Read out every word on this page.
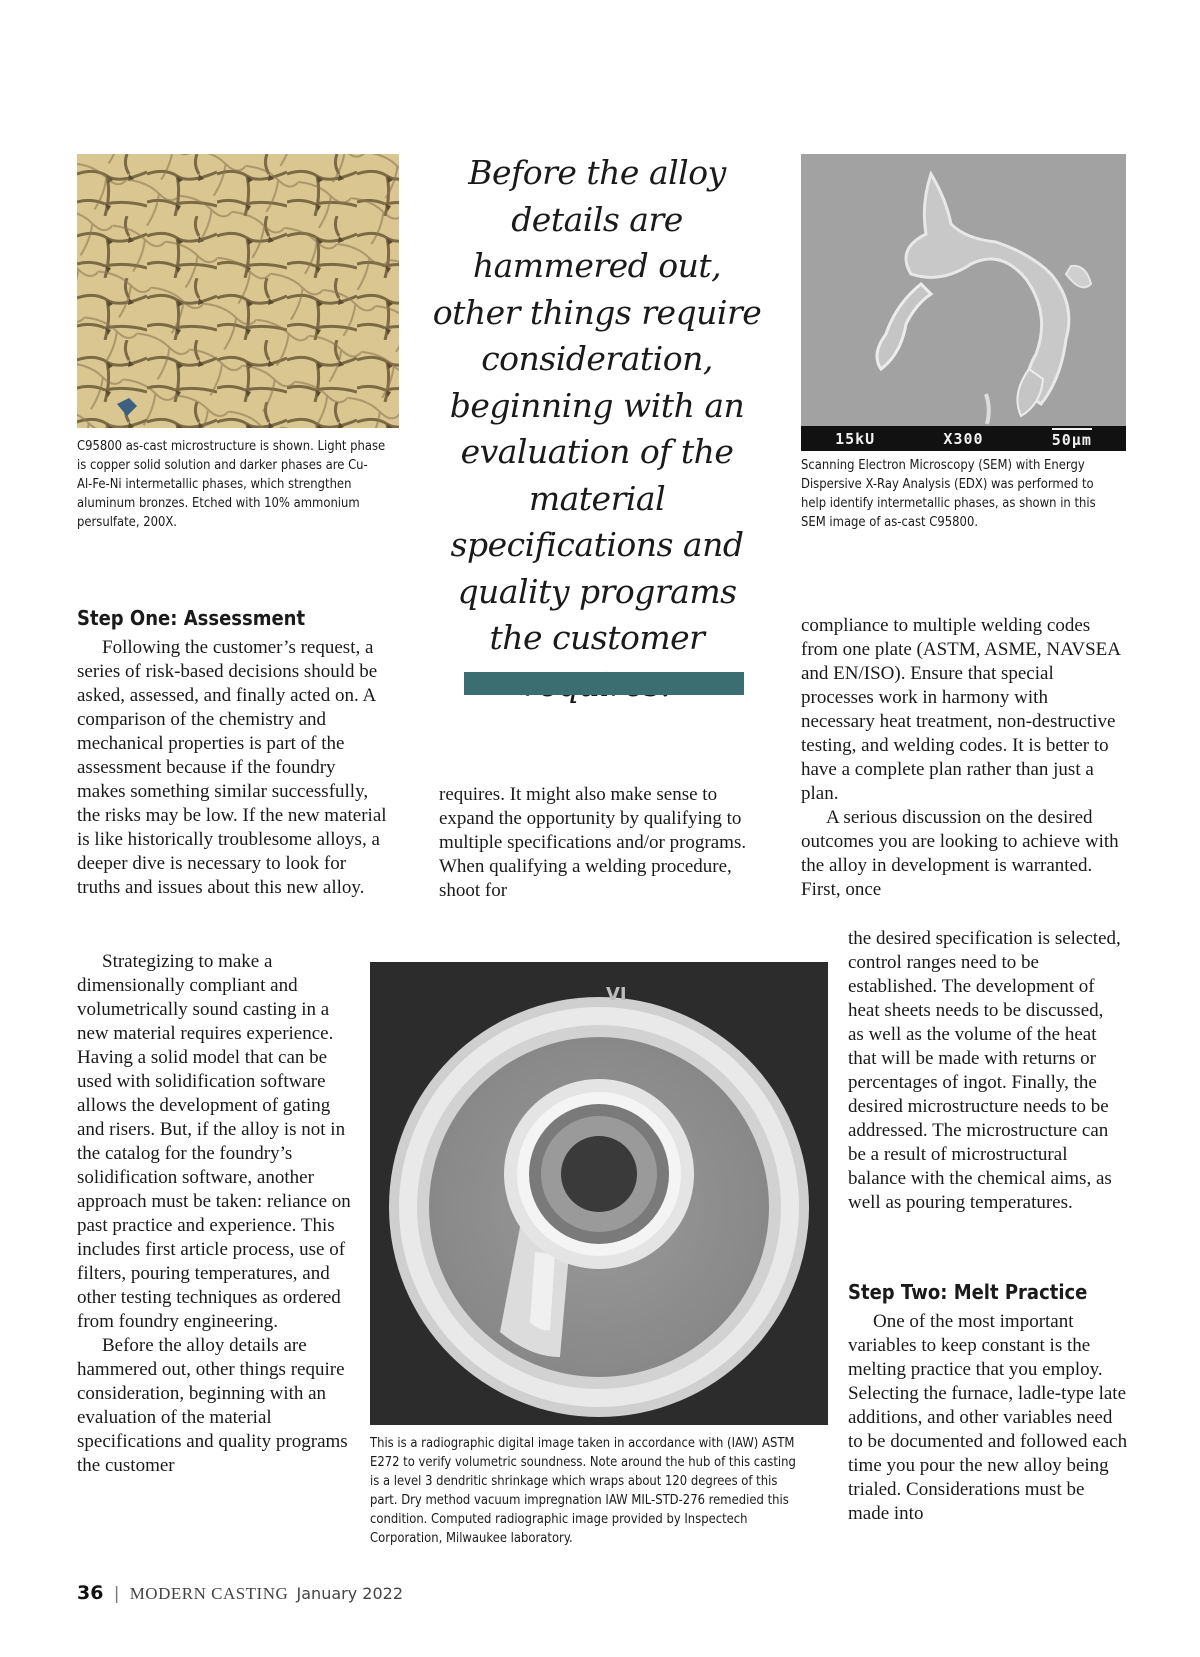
C95800 as-cast microstructure is shown. Light phase is copper solid solution and darker phases are Cu- Al-Fe-Ni intermetallic phases, which strengthen aluminum bronzes. Etched with 10% ammonium persulfate, 200X.
Before the alloy details are hammered out, other things require consideration, beginning with an evaluation of the material specifications and quality programs the customer
15kU	X300	50µm
Scanning Electron Microscopy (SEM) with Energy Dispersive X-Ray Analysis (EDX) was performed to help identify intermetallic phases, as shown in this SEM image of as-cast C95800.
Step One: Assessment

Following the customer’s request, a series of risk-based decisions should be asked, assessed, and finally acted on. A comparison of the chemistry and mechanical properties is part of the assessment because if the foundry makes something similar successfully, the risks may be low. If the new material is like historically troublesome alloys, a deeper dive is necessary to look for truths and issues about this new alloy.

Strategizing to make a dimensionally compliant and volumetrically sound casting in a new material requires experience. Having a solid model that can be used with solidification software allows the development of gating and risers. But, if the alloy is not in the catalog for the foundry’s solidification software, another approach must be taken: reliance on past practice and experience. This includes first article process, use of filters, pouring temperatures, and other testing techniques as ordered from foundry engineering.

Before the alloy details are hammered out, other things require consideration, beginning with an evaluation of the material specifications and quality programs the customer

requires. It might also make sense to expand the opportunity by qualifying to multiple specifications and/or programs. When qualifying a welding procedure, shoot for

VI
This is a radiographic digital image taken in accordance with (IAW) ASTM E272 to verify volumetric soundness. Note around the hub of this casting is a level 3 dendritic shrinkage which wraps about 120 degrees of this part. Dry method vacuum impregnation IAW MIL-STD-276 remedied this condition. Computed radiographic image provided by Inspectech Corporation, Milwaukee laboratory.

compliance to multiple welding codes from one plate (ASTM, ASME, NAVSEA and EN/ISO). Ensure that special processes work in harmony with necessary heat treatment, non-destructive testing, and welding codes. It is better to have a complete plan rather than just a plan.

A serious discussion on the desired outcomes you are looking to achieve with the alloy in development is warranted. First, once

the desired specification is selected, control ranges need to be established. The development of heat sheets needs to be discussed, as well as the volume of the heat that will be made with returns or percentages of ingot. Finally, the desired microstructure needs to be addressed. The microstructure can be a result of microstructural balance with the chemical aims, as well as pouring temperatures.

Step Two: Melt Practice

One of the most important variables to keep constant is the melting practice that you employ. Selecting the furnace, ladle-type late additions, and other variables need to be documented and followed each time you pour the new alloy being trialed. Considerations must be made into

36 | MODERN CASTING January 2022
